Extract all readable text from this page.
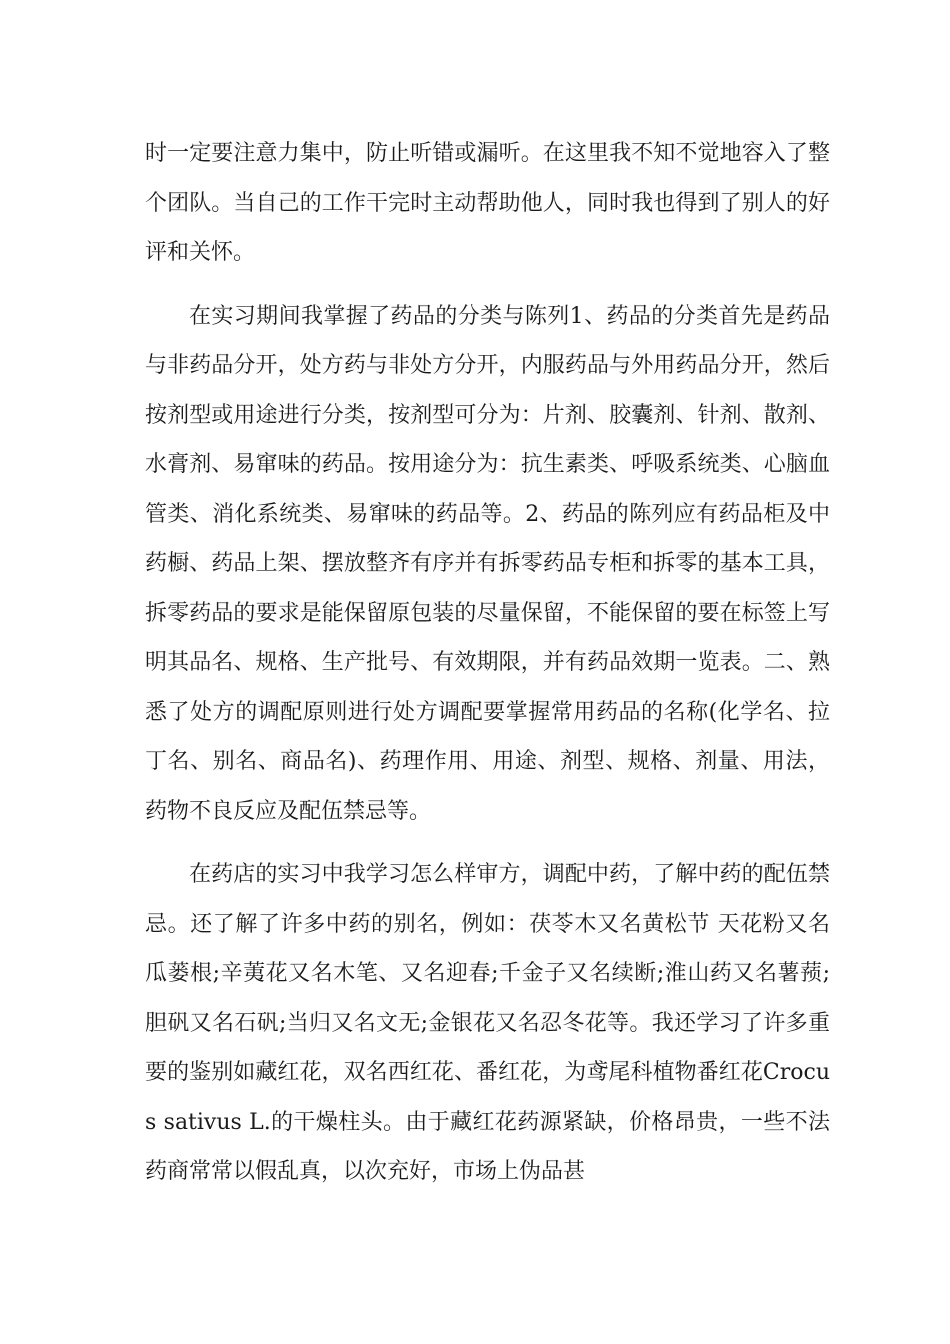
时一定要注意力集中，防止听错或漏听。在这里我不知不觉地容入了整个团队。当自己的工作干完时主动帮助他人，同时我也得到了别人的好评和关怀。

在实习期间我掌握了药品的分类与陈列1、药品的分类首先是药品与非药品分开，处方药与非处方分开，内服药品与外用药品分开，然后按剂型或用途进行分类，按剂型可分为：片剂、胶囊剂、针剂、散剂、水膏剂、易窜味的药品。按用途分为：抗生素类、呼吸系统类、心脑血管类、消化系统类、易窜味的药品等。2、药品的陈列应有药品柜及中药橱、药品上架、摆放整齐有序并有拆零药品专柜和拆零的基本工具，拆零药品的要求是能保留原包装的尽量保留，不能保留的要在标签上写明其品名、规格、生产批号、有效期限，并有药品效期一览表。二、熟悉了处方的调配原则进行处方调配要掌握常用药品的名称(化学名、拉丁名、别名、商品名)、药理作用、用途、剂型、规格、剂量、用法，药物不良反应及配伍禁忌等。

在药店的实习中我学习怎么样审方，调配中药，了解中药的配伍禁忌。还了解了许多中药的别名，例如：茯苓木又名黄松节 天花粉又名瓜蒌根;辛荑花又名木笔、又名迎春;千金子又名续断;淮山药又名薯蓣;胆矾又名石矾;当归又名文无;金银花又名忍冬花等。我还学习了许多重要的鉴别如藏红花，双名西红花、番红花，为鸢尾科植物番红花Crocus sativus L.的干燥柱头。由于藏红花药源紧缺，价格昂贵，一些不法药商常常以假乱真，以次充好，市场上伪品甚
